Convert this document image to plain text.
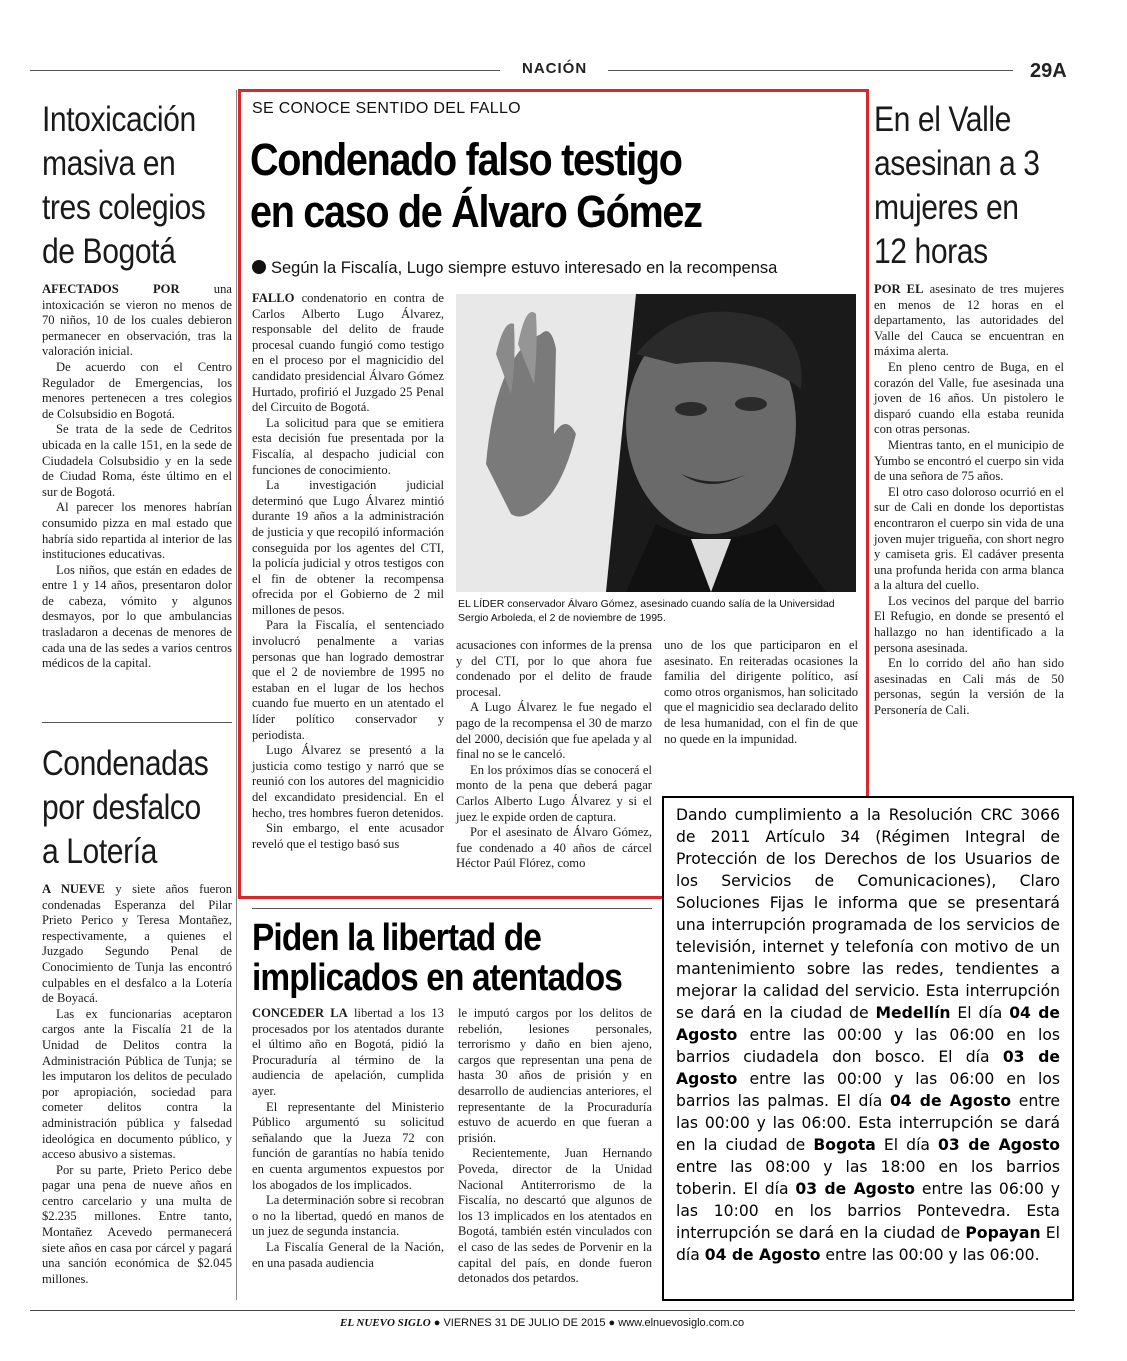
NACIÓN	29A
Intoxicación
masiva en
tres colegios
de Bogotá

AFECTADOS POR una intoxicación se vieron no menos de 70 niños, 10 de los cuales debieron permanecer en observación, tras la valoración inicial.

De acuerdo con el Centro Regulador de Emergencias, los menores pertenecen a tres colegios de Colsubsidio en Bogotá.

Se trata de la sede de Cedritos ubicada en la calle 151, en la sede de Ciudadela Colsubsidio y en la sede de Ciudad Roma, éste último en el sur de Bogotá.

Al parecer los menores habrían consumido pizza en mal estado que habría sido repartida al interior de las instituciones educativas.

Los niños, que están en edades de entre 1 y 14 años, presentaron dolor de cabeza, vómito y algunos desmayos, por lo que ambulancias trasladaron a decenas de menores de cada una de las sedes a varios centros médicos de la capital.

Condenadas
por desfalco
a Lotería

A NUEVE y siete años fueron condenadas Esperanza del Pilar Prieto Perico y Teresa Montañez, respectivamente, a quienes el Juzgado Segundo Penal de Conocimiento de Tunja las encontró culpables en el desfalco a la Lotería de Boyacá.

Las ex funcionarias aceptaron cargos ante la Fiscalía 21 de la Unidad de Delitos contra la Administración Pública de Tunja; se les imputaron los delitos de peculado por apropiación, sociedad para cometer delitos contra la administración pública y falsedad ideológica en documento público, y acceso abusivo a sistemas.

Por su parte, Prieto Perico debe pagar una pena de nueve años en centro carcelario y una multa de $2.235 millones. Entre tanto, Montañez Acevedo permanecerá siete años en casa por cárcel y pagará una sanción económica de $2.045 millones.

SE CONOCE SENTIDO DEL FALLO
Condenado falso testigo
en caso de Álvaro Gómez
Según la Fiscalía, Lugo siempre estuvo interesado en la recompensa

FALLO condenatorio en contra de Carlos Alberto Lugo Álvarez, responsable del delito de fraude procesal cuando fungió como testigo en el proceso por el magnicidio del candidato presidencial Álvaro Gómez Hurtado, profirió el Juzgado 25 Penal del Circuito de Bogotá.

La solicitud para que se emitiera esta decisión fue presentada por la Fiscalía, al despacho judicial con funciones de conocimiento.

La investigación judicial determinó que Lugo Álvarez mintió durante 19 años a la administración de justicia y que recopiló información conseguida por los agentes del CTI, la policía judicial y otros testigos con el fin de obtener la recompensa ofrecida por el Gobierno de 2 mil millones de pesos.

Para la Fiscalía, el sentenciado involucró penalmente a varias personas que han logrado demostrar que el 2 de noviembre de 1995 no estaban en el lugar de los hechos cuando fue muerto en un atentado el líder político conservador y periodista.

Lugo Álvarez se presentó a la justicia como testigo y narró que se reunió con los autores del magnicidio del excandidato presidencial. En el hecho, tres hombres fueron detenidos.

Sin embargo, el ente acusador reveló que el testigo basó sus

EL LÍDER conservador Álvaro Gómez, asesinado cuando salía de la Universidad Sergio Arboleda, el 2 de noviembre de 1995.

acusaciones con informes de la prensa y del CTI, por lo que ahora fue condenado por el delito de fraude procesal.

A Lugo Álvarez le fue negado el pago de la recompensa el 30 de marzo del 2000, decisión que fue apelada y al final no se le canceló.

En los próximos días se conocerá el monto de la pena que deberá pagar Carlos Alberto Lugo Álvarez y si el juez le expide orden de captura.

Por el asesinato de Álvaro Gómez, fue condenado a 40 años de cárcel Héctor Paúl Flórez, como

uno de los que participaron en el asesinato. En reiteradas ocasiones la familia del dirigente político, así como otros organismos, han solicitado que el magnicidio sea declarado delito de lesa humanidad, con el fin de que no quede en la impunidad.

En el Valle
asesinan a 3
mujeres en
12 horas

POR EL asesinato de tres mujeres en menos de 12 horas en el departamento, las autoridades del Valle del Cauca se encuentran en máxima alerta.

En pleno centro de Buga, en el corazón del Valle, fue asesinada una joven de 16 años. Un pistolero le disparó cuando ella estaba reunida con otras personas.

Mientras tanto, en el municipio de Yumbo se encontró el cuerpo sin vida de una señora de 75 años.

El otro caso doloroso ocurrió en el sur de Cali en donde los deportistas encontraron el cuerpo sin vida de una joven mujer trigueña, con short negro y camiseta gris. El cadáver presenta una profunda herida con arma blanca a la altura del cuello.

Los vecinos del parque del barrio El Refugio, en donde se presentó el hallazgo no han identificado a la persona asesinada.

En lo corrido del año han sido asesinadas en Cali más de 50 personas, según la versión de la Personería de Cali.

Piden la libertad de
implicados en atentados

CONCEDER LA libertad a los 13 procesados por los atentados durante el último año en Bogotá, pidió la Procuraduría al término de la audiencia de apelación, cumplida ayer.

El representante del Ministerio Público argumentó su solicitud señalando que la Jueza 72 con función de garantías no había tenido en cuenta argumentos expuestos por los abogados de los implicados.

La determinación sobre si recobran o no la libertad, quedó en manos de un juez de segunda instancia.

La Fiscalía General de la Nación, en una pasada audiencia

le imputó cargos por los delitos de rebelión, lesiones personales, terrorismo y daño en bien ajeno, cargos que representan una pena de hasta 30 años de prisión y en desarrollo de audiencias anteriores, el representante de la Procuraduría estuvo de acuerdo en que fueran a prisión.

Recientemente, Juan Hernando Poveda, director de la Unidad Nacional Antiterrorismo de la Fiscalía, no descartó que algunos de los 13 implicados en los atentados en Bogotá, también estén vinculados con el caso de las sedes de Porvenir en la capital del país, en donde fueron detonados dos petardos.

Dando cumplimiento a la Resolución CRC 3066 de 2011 Artículo 34 (Régimen Integral de Protección de los Derechos de los Usuarios de los Servicios de Comunicaciones), Claro Soluciones Fijas le informa que se presentará una interrupción programada de los servicios de televisión, internet y telefonía con motivo de un mantenimiento sobre las redes, tendientes a mejorar la calidad del servicio. Esta interrupción se dará en la ciudad de Medellín El día 04 de Agosto entre las 00:00 y las 06:00 en los barrios ciudadela don bosco. El día 03 de Agosto entre las 00:00 y las 06:00 en los barrios las palmas. El día 04 de Agosto entre las 00:00 y las 06:00. Esta interrupción se dará en la ciudad de Bogota El día 03 de Agosto entre las 08:00 y las 18:00 en los barrios toberin. El día 03 de Agosto entre las 06:00 y las 10:00 en los barrios Pontevedra. Esta interrupción se dará en la ciudad de Popayan El día 04 de Agosto entre las 00:00 y las 06:00.
EL NUEVO SIGLO ● VIERNES 31 DE JULIO DE 2015 ● www.elnuevosiglo.com.co
